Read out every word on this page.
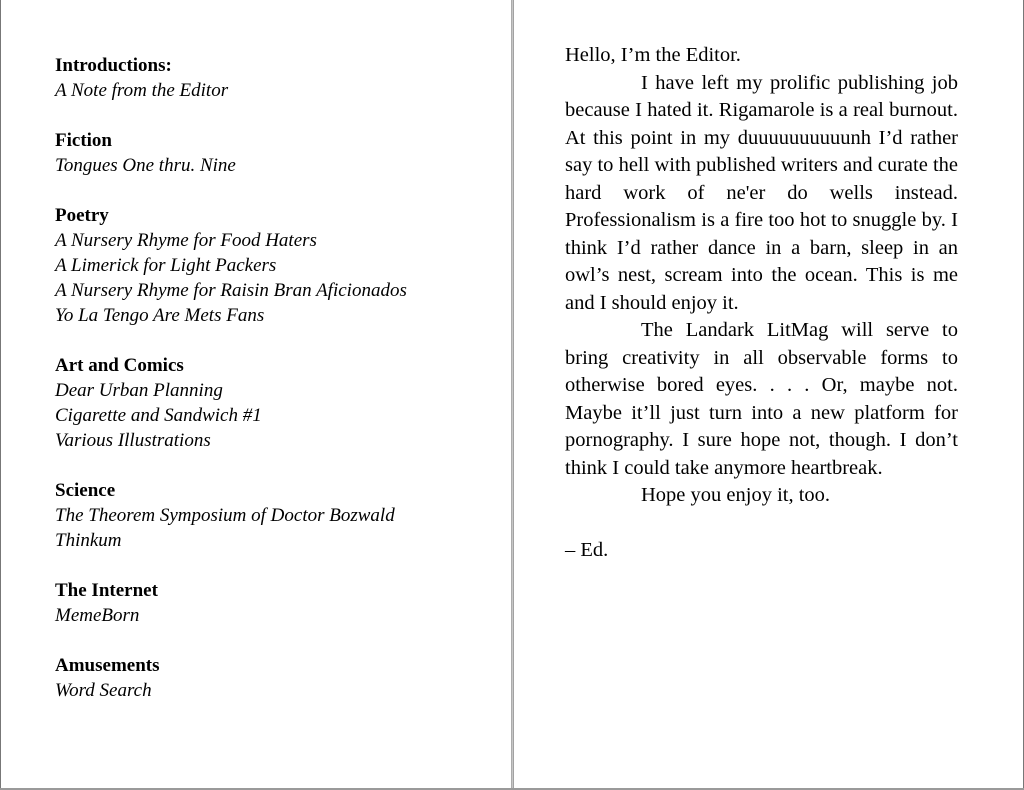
Introductions:
A Note from the Editor
Fiction
Tongues One thru. Nine
Poetry
A Nursery Rhyme for Food Haters
A Limerick for Light Packers
A Nursery Rhyme for Raisin Bran Aficionados
Yo La Tengo Are Mets Fans
Art and Comics
Dear Urban Planning
Cigarette and Sandwich #1
Various Illustrations
Science
The Theorem Symposium of Doctor Bozwald
Thinkum
The Internet
MemeBorn
Amusements
Word Search

Hello, I’m the Editor.

I have left my prolific publishing job because I hated it. Rigamarole is a real burnout. At this point in my duuuuuuuuuunh I’d rather say to hell with published writers and curate the hard work of ne'er do wells instead. Professionalism is a fire too hot to snuggle by. I think I’d rather dance in a barn, sleep in an owl’s nest, scream into the ocean. This is me and I should enjoy it.

The Landark LitMag will serve to bring creativity in all observable forms to otherwise bored eyes. . . . Or, maybe not. Maybe it’ll just turn into a new platform for pornography. I sure hope not, though. I don’t think I could take anymore heartbreak.

Hope you enjoy it, too.

– Ed.
